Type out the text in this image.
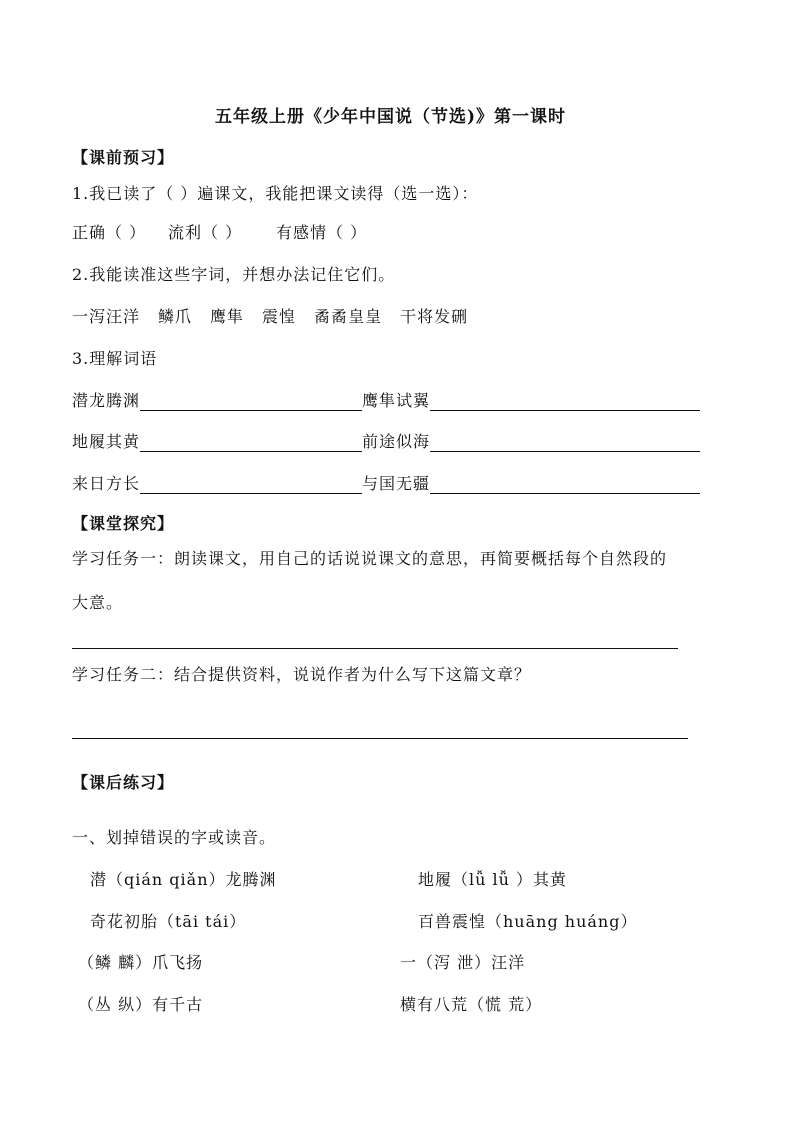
五年级上册《少年中国说（节选)》第一课时
【课前预习】
1.我已读了（ ）遍课文，我能把课文读得（选一选）：
正确（ ）	流利（ ）	有感情（ ）
2.我能读准这些字词，并想办法记住它们。
一泻汪洋 鳞爪 鹰隼 震惶 矞矞皇皇 干将发硎
3.理解词语
潜龙腾渊	鹰隼试翼
地履其黄	前途似海
来日方长	与国无疆
【课堂探究】
学习任务一：朗读课文，用自己的话说说课文的意思，再简要概括每个自然段的
大意。
学习任务二：结合提供资料，说说作者为什么写下这篇文章？
【课后练习】
一、划掉错误的字或读音。
潜（qián qiǎn）龙腾渊	地履（lǚ lǚ ）其黄
奇花初胎（tāi tái）	百兽震惶（huāng huáng）
（鳞 麟）爪飞扬	一（泻 泄）汪洋
（丛 纵）有千古	横有八荒（慌 荒）
